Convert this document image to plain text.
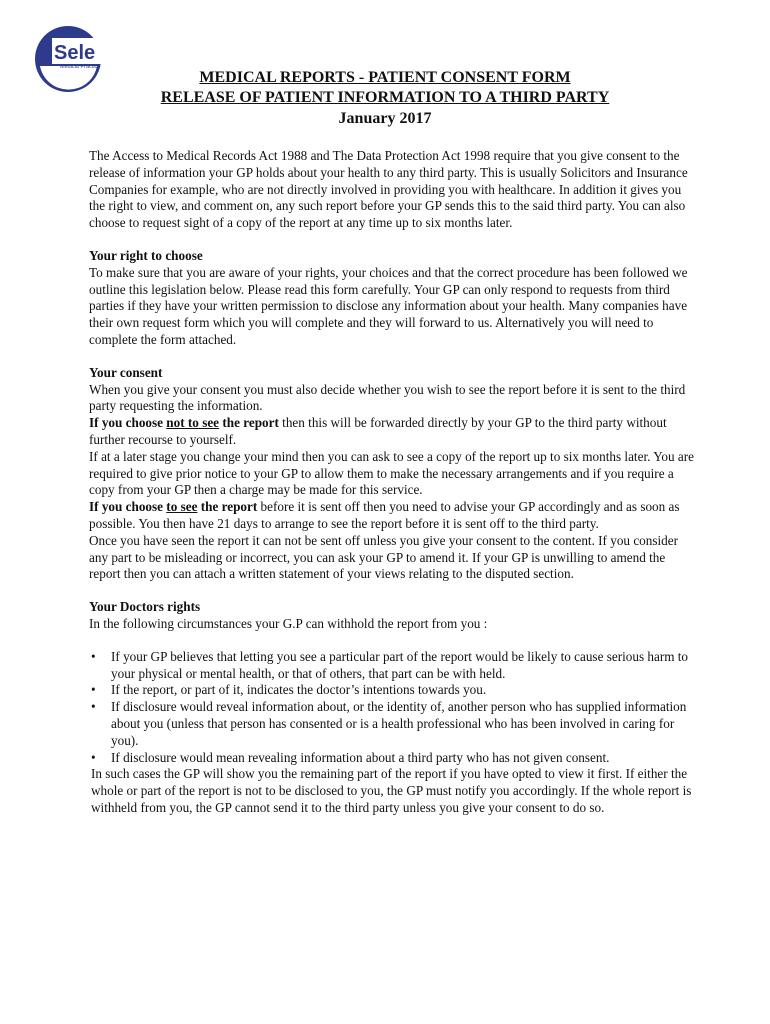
Sele
Medical Practice

MEDICAL REPORTS - PATIENT CONSENT FORM

RELEASE OF PATIENT INFORMATION TO A THIRD PARTY

January 2017

The Access to Medical Records Act 1988 and The Data Protection Act 1998 require that you give consent to the release of information your GP holds about your health to any third party. This is usually Solicitors and Insurance Companies for example, who are not directly involved in providing you with healthcare. In addition it gives you the right to view, and comment on, any such report before your GP sends this to the said third party. You can also choose to request sight of a copy of the report at any time up to six months later.

Your right to choose

To make sure that you are aware of your rights, your choices and that the correct procedure has been followed we outline this legislation below. Please read this form carefully. Your GP can only respond to requests from third parties if they have your written permission to disclose any information about your health. Many companies have their own request form which you will complete and they will forward to us. Alternatively you will need to complete the form attached.

Your consent

When you give your consent you must also decide whether you wish to see the report before it is sent to the third party requesting the information.

If you choose not to see the report then this will be forwarded directly by your GP to the third party without further recourse to yourself.

If at a later stage you change your mind then you can ask to see a copy of the report up to six months later. You are required to give prior notice to your GP to allow them to make the necessary arrangements and if you require a copy from your GP then a charge may be made for this service.

If you choose to see the report before it is sent off then you need to advise your GP accordingly and as soon as possible. You then have 21 days to arrange to see the report before it is sent off to the third party.

Once you have seen the report it can not be sent off unless you give your consent to the content. If you consider any part to be misleading or incorrect, you can ask your GP to amend it. If your GP is unwilling to amend the report then you can attach a written statement of your views relating to the disputed section.

Your Doctors rights

In the following circumstances your G.P can withhold the report from you :

• If your GP believes that letting you see a particular part of the report would be likely to cause serious harm to your physical or mental health, or that of others, that part can be with held.
• If the report, or part of it, indicates the doctor’s intentions towards you.
• If disclosure would reveal information about, or the identity of, another person who has supplied information about you (unless that person has consented or is a health professional who has been involved in caring for you).
• If disclosure would mean revealing information about a third party who has not given consent.

In such cases the GP will show you the remaining part of the report if you have opted to view it first. If either the whole or part of the report is not to be disclosed to you, the GP must notify you accordingly. If the whole report is withheld from you, the GP cannot send it to the third party unless you give your consent to do so.
